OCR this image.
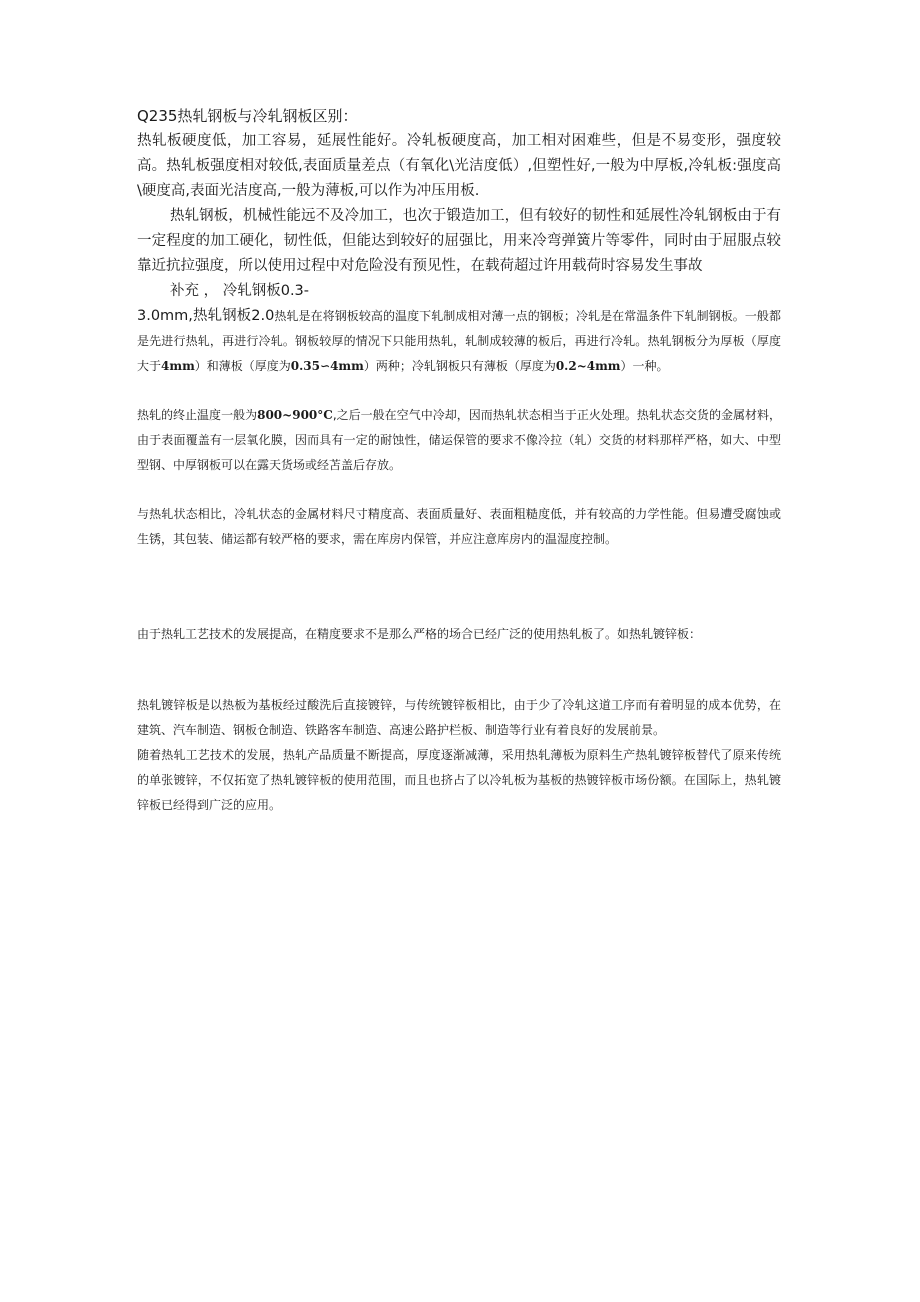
Q235热轧钢板与冷轧钢板区别：

热轧板硬度低，加工容易，延展性能好。冷轧板硬度高，加工相对困难些，但是不易变形，强度较高。热轧板强度相对较低,表面质量差点（有氧化\光洁度低）,但塑性好,一般为中厚板,冷轧板:强度高\硬度高,表面光洁度高,一般为薄板,可以作为冲压用板.

热轧钢板，机械性能远不及冷加工，也次于锻造加工，但有较好的韧性和延展性冷轧钢板由于有一定程度的加工硬化，韧性低，但能达到较好的屈强比，用来冷弯弹簧片等零件，同时由于屈服点较靠近抗拉强度，所以使用过程中对危险没有预见性，在载荷超过许用载荷时容易发生事故

补充 ， 冷轧钢板0.3-

3.0mm,热轧钢板2.0热轧是在将钢板较高的温度下轧制成相对薄一点的钢板；冷轧是在常温条件下轧制钢板。一般都是先进行热轧，再进行冷轧。钢板较厚的情况下只能用热轧，轧制成较薄的板后，再进行冷轧。热轧钢板分为厚板（厚度大于4mm）和薄板（厚度为0.35∽4mm）两种；冷轧钢板只有薄板（厚度为0.2~4mm）一种。

热轧的终止温度一般为800~900°C,之后一般在空气中冷却，因而热轧状态相当于正火处理。热轧状态交货的金属材料，由于表面覆盖有一层氧化膜，因而具有一定的耐蚀性，储运保管的要求不像冷拉（轧）交货的材料那样严格，如大、中型型钢、中厚钢板可以在露天货场或经苫盖后存放。

与热轧状态相比，冷轧状态的金属材料尺寸精度高、表面质量好、表面粗糙度低，并有较高的力学性能。但易遭受腐蚀或生锈，其包装、储运都有较严格的要求，需在库房内保管，并应注意库房内的温湿度控制。

由于热轧工艺技术的发展提高，在精度要求不是那么严格的场合已经广泛的使用热轧板了。如热轧镀锌板：

热轧镀锌板是以热板为基板经过酸洗后直接镀锌，与传统镀锌板相比，由于少了冷轧这道工序而有着明显的成本优势，在建筑、汽车制造、钢板仓制造、铁路客车制造、高速公路护栏板、制造等行业有着良好的发展前景。

随着热轧工艺技术的发展，热轧产品质量不断提高，厚度逐渐减薄，采用热轧薄板为原料生产热轧镀锌板替代了原来传统的单张镀锌，不仅拓宽了热轧镀锌板的使用范围，而且也挤占了以冷轧板为基板的热镀锌板市场份额。在国际上，热轧镀锌板已经得到广泛的应用。
